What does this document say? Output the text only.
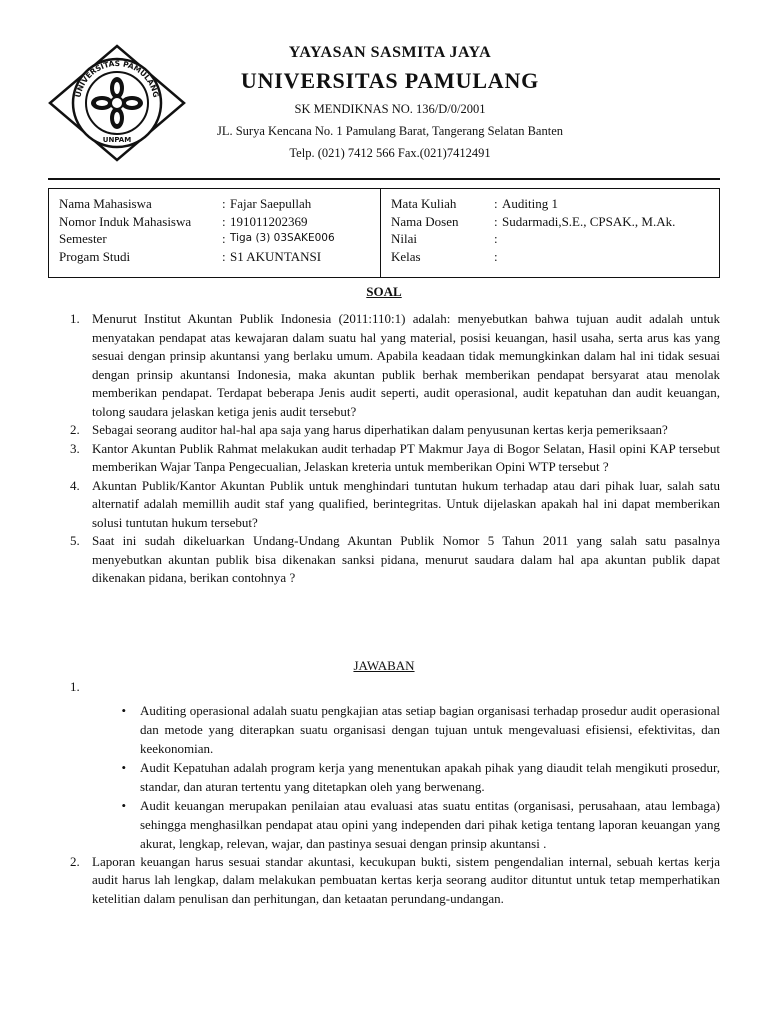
UNIVERSITAS PAMULANG
UNPAM
YAYASAN SASMITA JAYA
UNIVERSITAS PAMULANG
SK MENDIKNAS NO. 136/D/0/2001
JL. Surya Kencana No. 1 Pamulang Barat, Tangerang Selatan Banten
Telp. (021) 7412 566 Fax.(021)7412491
Nama Mahasiswa	: Fajar Saepullah
Nomor Induk Mahasiswa	: 191011202369
Semester	: Tiga (3) 03SAKE006
Progam Studi	: S1 AKUNTANSI
Mata Kuliah	: Auditing 1
Nama Dosen	: Sudarmadi,S.E., CPSAK., M.Ak.
Nilai	:
Kelas	:
SOAL
1. Menurut Institut Akuntan Publik Indonesia (2011:110:1) adalah: menyebutkan bahwa tujuan audit adalah untuk menyatakan pendapat atas kewajaran dalam suatu hal yang material, posisi keuangan, hasil usaha, serta arus kas yang sesuai dengan prinsip akuntansi yang berlaku umum. Apabila keadaan tidak memungkinkan dalam hal ini tidak sesuai dengan prinsip akuntansi Indonesia, maka akuntan publik berhak memberikan pendapat bersyarat atau menolak memberikan pendapat. Terdapat beberapa Jenis audit seperti, audit operasional, audit kepatuhan dan audit keuangan, tolong saudara jelaskan ketiga jenis audit tersebut?
2. Sebagai seorang auditor hal-hal apa saja yang harus diperhatikan dalam penyusunan kertas kerja pemeriksaan?
3. Kantor Akuntan Publik Rahmat melakukan audit terhadap PT Makmur Jaya di Bogor Selatan, Hasil opini KAP tersebut memberikan Wajar Tanpa Pengecualian, Jelaskan kreteria untuk memberikan Opini WTP tersebut ?
4. Akuntan Publik/Kantor Akuntan Publik untuk menghindari tuntutan hukum terhadap atau dari pihak luar, salah satu alternatif adalah memillih audit staf yang qualified, berintegritas. Untuk dijelaskan apakah hal ini dapat memberikan solusi tuntutan hukum tersebut?
5. Saat ini sudah dikeluarkan Undang-Undang Akuntan Publik Nomor 5 Tahun 2011 yang salah satu pasalnya menyebutkan akuntan publik bisa dikenakan sanksi pidana, menurut saudara dalam hal apa akuntan publik dapat dikenakan pidana, berikan contohnya ?
JAWABAN
1.
•	Auditing operasional adalah suatu pengkajian atas setiap bagian organisasi terhadap prosedur audit operasional dan metode yang diterapkan suatu organisasi dengan tujuan untuk mengevaluasi efisiensi, efektivitas, dan keekonomian.
•	Audit Kepatuhan adalah program kerja yang menentukan apakah pihak yang diaudit telah mengikuti prosedur, standar, dan aturan tertentu yang ditetapkan oleh yang berwenang.
•	Audit keuangan merupakan penilaian atau evaluasi atas suatu entitas (organisasi, perusahaan, atau lembaga) sehingga menghasilkan pendapat atau opini yang independen dari pihak ketiga tentang laporan keuangan yang akurat, lengkap, relevan, wajar, dan pastinya sesuai dengan prinsip akuntansi .
2. Laporan keuangan harus sesuai standar akuntasi, kecukupan bukti, sistem pengendalian internal, sebuah kertas kerja audit harus lah lengkap, dalam melakukan pembuatan kertas kerja seorang auditor dituntut untuk tetap memperhatikan ketelitian dalam penulisan dan perhitungan, dan ketaatan perundang-undangan.
